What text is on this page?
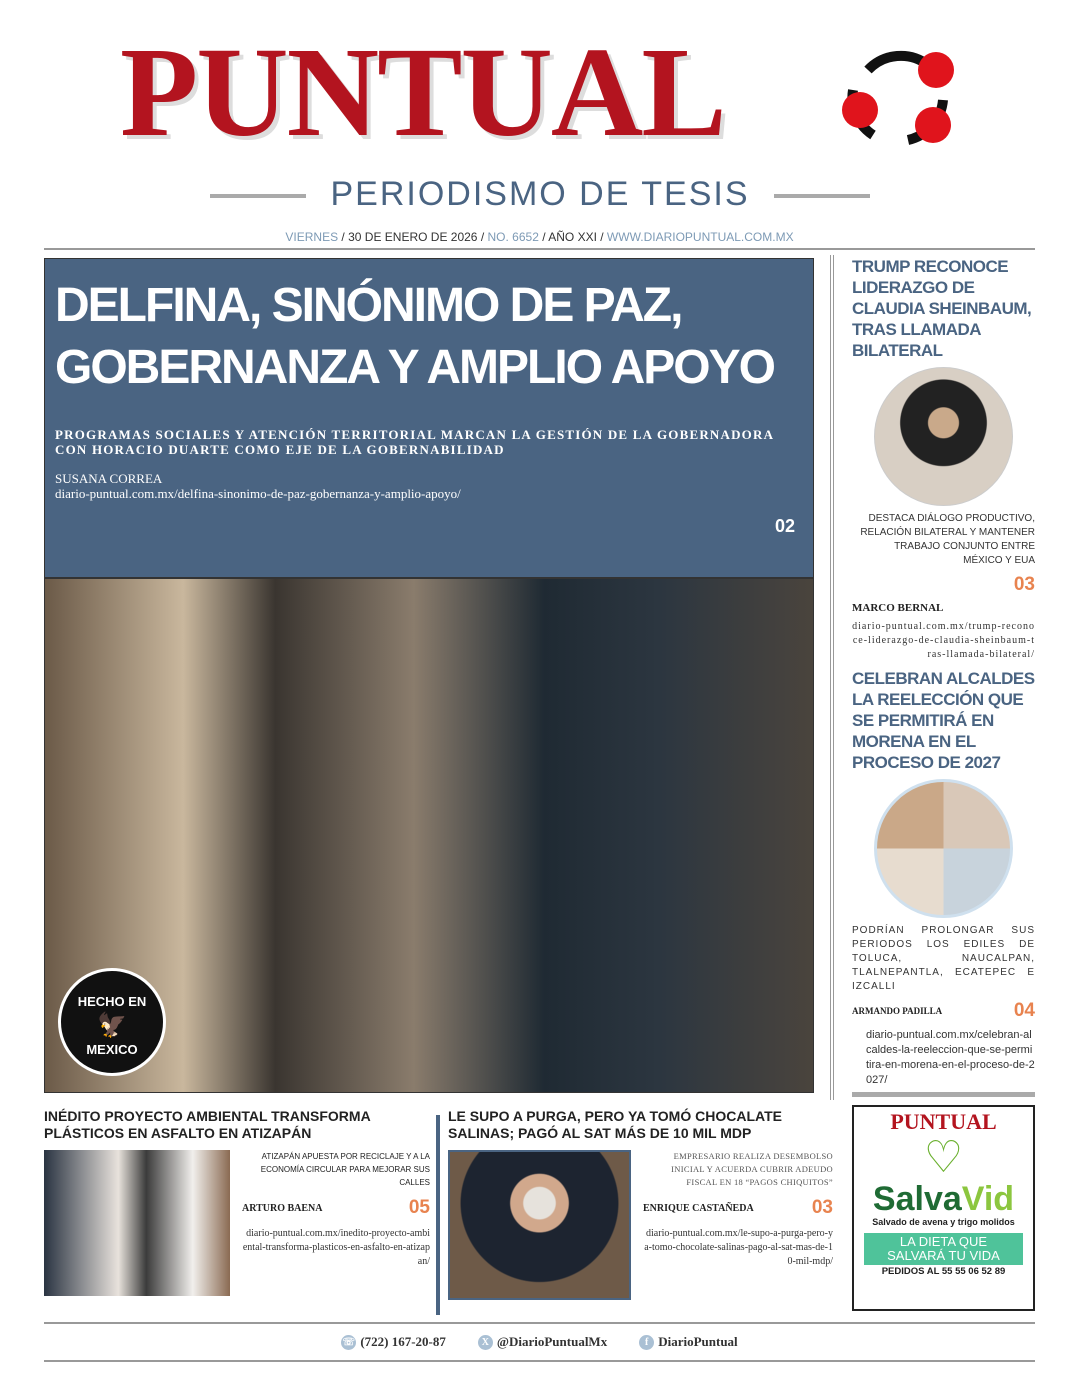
PUNTUAL
PERIODISMO DE TESIS
VIERNES / 30 DE ENERO DE 2026 / NO. 6652 / AÑO XXI / WWW.DIARIOPUNTUAL.COM.MX
DELFINA, SINÓNIMO DE PAZ, GOBERNANZA Y AMPLIO APOYO
PROGRAMAS SOCIALES Y ATENCIÓN TERRITORIAL MARCAN LA GESTIÓN DE LA GOBERNADORA CON HORACIO DUARTE COMO EJE DE LA GOBERNABILIDAD
SUSANA CORREA
diario-puntual.com.mx/delfina-sinonimo-de-paz-gobernanza-y-amplio-apoyo/
02
HECHO EN
🦅
MEXICO
TRUMP RECONOCE LIDERAZGO DE CLAUDIA SHEINBAUM, TRAS LLAMADA BILATERAL
DESTACA DIÁLOGO PRODUCTIVO, RELACIÓN BILATERAL Y MANTENER TRABAJO CONJUNTO ENTRE MÉXICO Y EUA
03
MARCO BERNAL
diario-puntual.com.mx/trump-reconoce-liderazgo-de-claudia-sheinbaum-tras-llamada-bilateral/
CELEBRAN ALCALDES LA REELECCIÓN QUE SE PERMITIRÁ EN MORENA EN EL PROCESO DE 2027
PODRÍAN PROLONGAR SUS PERIODOS LOS EDILES DE TOLUCA, NAUCALPAN, TLALNEPANTLA, ECATEPEC E IZCALLI
ARMANDO PADILLA	04
diario-puntual.com.mx/celebran-alcaldes-la-reeleccion-que-se-permitira-en-morena-en-el-proceso-de-2027/
INÉDITO PROYECTO AMBIENTAL TRANSFORMA PLÁSTICOS EN ASFALTO EN ATIZAPÁN
ATIZAPÁN APUESTA POR RECICLAJE Y A LA ECONOMÍA CIRCULAR PARA MEJORAR SUS CALLES
ARTURO BAENA	05
diario-puntual.com.mx/inedito-proyecto-ambiental-transforma-plasticos-en-asfalto-en-atizapan/
LE SUPO A PURGA, PERO YA TOMÓ CHOCALATE SALINAS; PAGÓ AL SAT MÁS DE 10 MIL MDP
EMPRESARIO REALIZA DESEMBOLSO INICIAL Y ACUERDA CUBRIR ADEUDO FISCAL EN 18 “PAGOS CHIQUITOS”
ENRIQUE CASTAÑEDA	03
diario-puntual.com.mx/le-supo-a-purga-pero-ya-tomo-chocolate-salinas-pago-al-sat-mas-de-10-mil-mdp/
PUNTUAL
♡
SalvaVid
Salvado de avena y trigo molidos
LA DIETA QUE SALVARÁ TU VIDA
PEDIDOS AL 55 55 06 52 89
☏ (722) 167-20-87	X @DiarioPuntualMx	f DiarioPuntual
